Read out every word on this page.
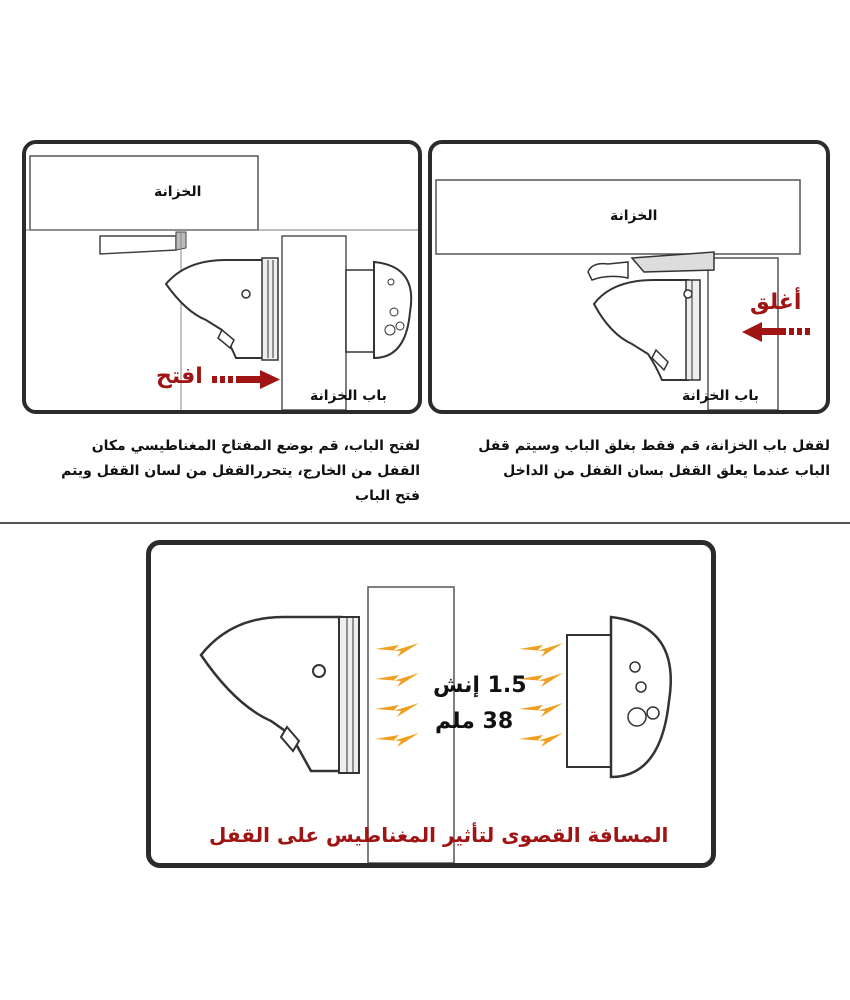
الخزانة
باب الخزانة
افتح
الخزانة
باب الخزانة
أغلق
لفتح الباب، قم بوضع المفتاح المغناطيسي مكان
القفل من الخارج، يتحررالقفل من لسان القفل ويتم
فتح الباب
لقفل باب الخزانة، قم فقط بغلق الباب وسيتم قفل
الباب عندما يعلق القفل بسان القفل من الداخل
1.5 إنش
38 ملم
المسافة القصوى لتأثير المغناطيس على القفل
